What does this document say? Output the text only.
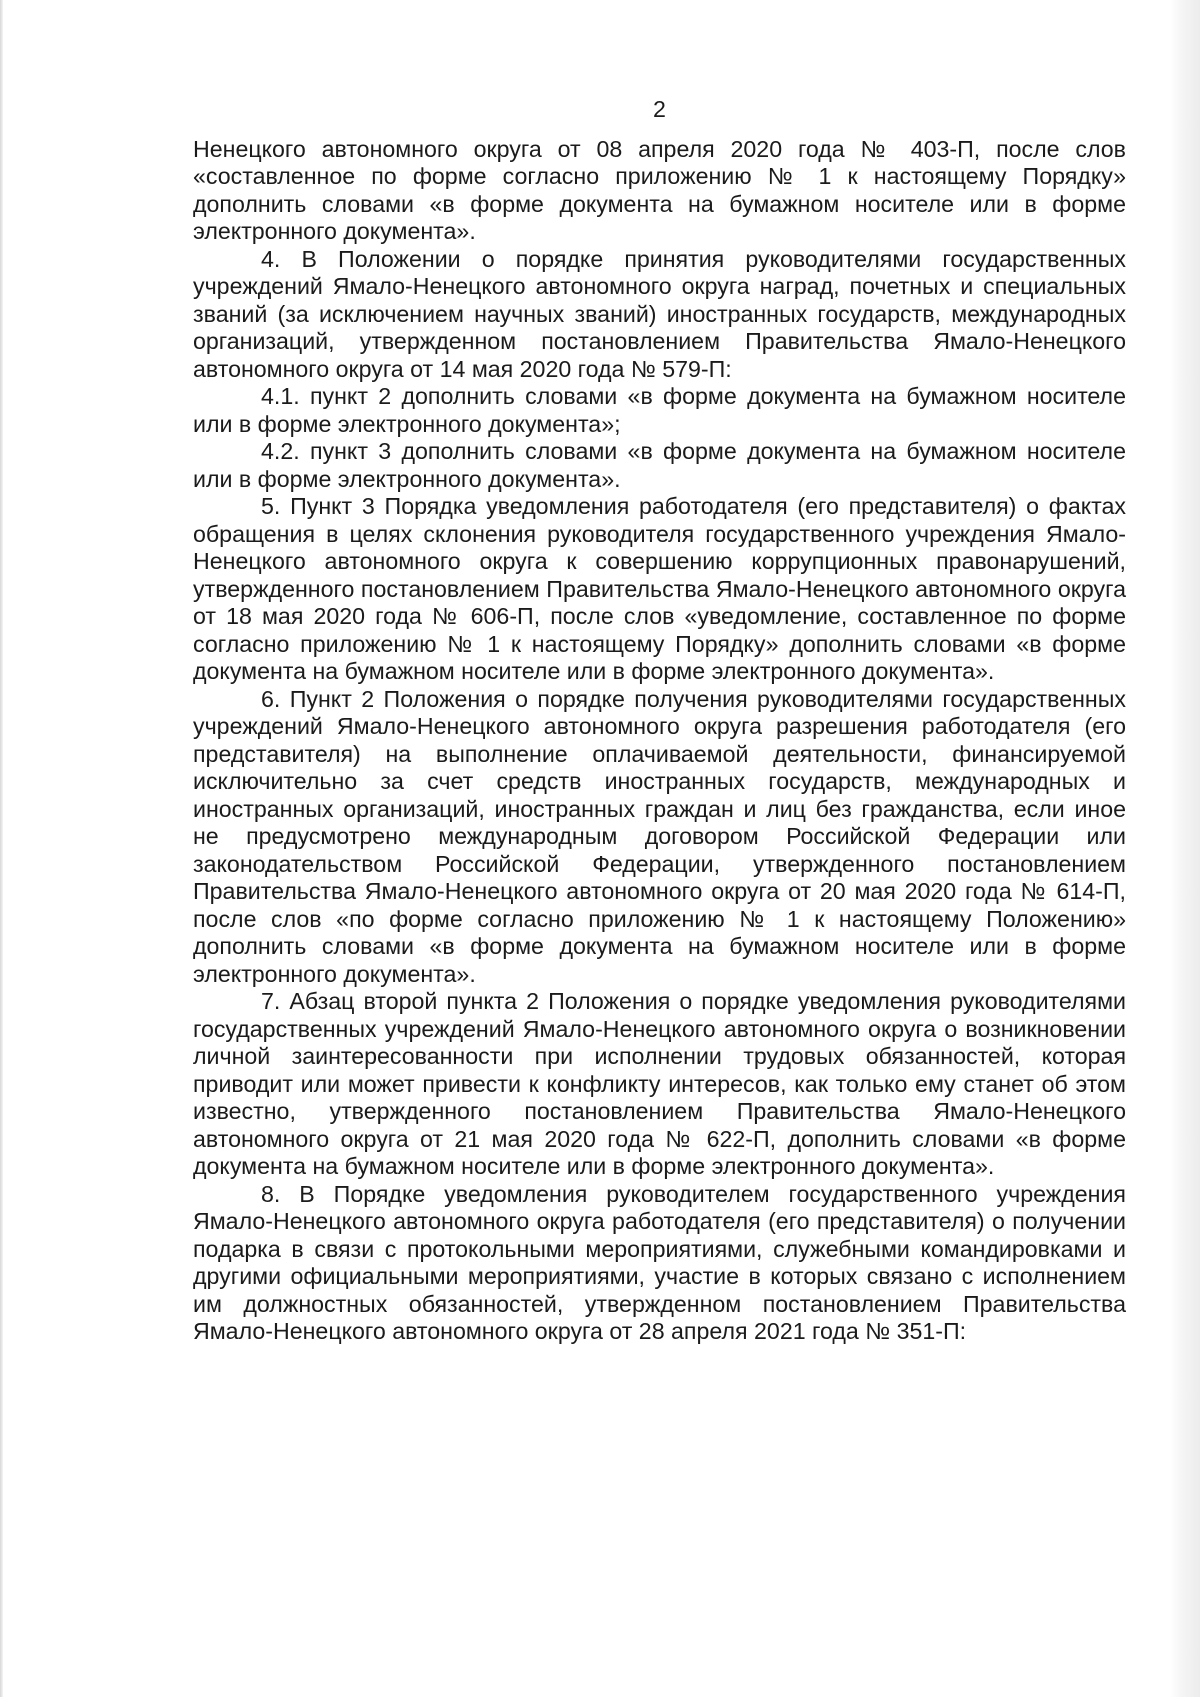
2

Ненецкого автономного округа от 08 апреля 2020 года № 403-П, после слов «составленное по форме согласно приложению № 1 к настоящему Порядку» дополнить словами «в форме документа на бумажном носителе или в форме электронного документа».

4. В Положении о порядке принятия руководителями государственных учреждений Ямало-Ненецкого автономного округа наград, почетных и специальных званий (за исключением научных званий) иностранных государств, международных организаций, утвержденном постановлением Правительства Ямало-Ненецкого автономного округа от 14 мая 2020 года № 579-П:

4.1. пункт 2 дополнить словами «в форме документа на бумажном носителе или в форме электронного документа»;

4.2. пункт 3 дополнить словами «в форме документа на бумажном носителе или в форме электронного документа».

5. Пункт 3 Порядка уведомления работодателя (его представителя) о фактах обращения в целях склонения руководителя государственного учреждения Ямало-Ненецкого автономного округа к совершению коррупционных правонарушений, утвержденного постановлением Правительства Ямало-Ненецкого автономного округа от 18 мая 2020 года № 606-П, после слов «уведомление, составленное по форме согласно приложению № 1 к настоящему Порядку» дополнить словами «в форме документа на бумажном носителе или в форме электронного документа».

6. Пункт 2 Положения о порядке получения руководителями государственных учреждений Ямало-Ненецкого автономного округа разрешения работодателя (его представителя) на выполнение оплачиваемой деятельности, финансируемой исключительно за счет средств иностранных государств, международных и иностранных организаций, иностранных граждан и лиц без гражданства, если иное не предусмотрено международным договором Российской Федерации или законодательством Российской Федерации, утвержденного постановлением Правительства Ямало-Ненецкого автономного округа от 20 мая 2020 года № 614-П, после слов «по форме согласно приложению № 1 к настоящему Положению» дополнить словами «в форме документа на бумажном носителе или в форме электронного документа».

7. Абзац второй пункта 2 Положения о порядке уведомления руководителями государственных учреждений Ямало-Ненецкого автономного округа о возникновении личной заинтересованности при исполнении трудовых обязанностей, которая приводит или может привести к конфликту интересов, как только ему станет об этом известно, утвержденного постановлением Правительства Ямало-Ненецкого автономного округа от 21 мая 2020 года № 622-П, дополнить словами «в форме документа на бумажном носителе или в форме электронного документа».

8. В Порядке уведомления руководителем государственного учреждения Ямало-Ненецкого автономного округа работодателя (его представителя) о получении подарка в связи с протокольными мероприятиями, служебными командировками и другими официальными мероприятиями, участие в которых связано с исполнением им должностных обязанностей, утвержденном постановлением Правительства Ямало-Ненецкого автономного округа от 28 апреля 2021 года № 351-П:
